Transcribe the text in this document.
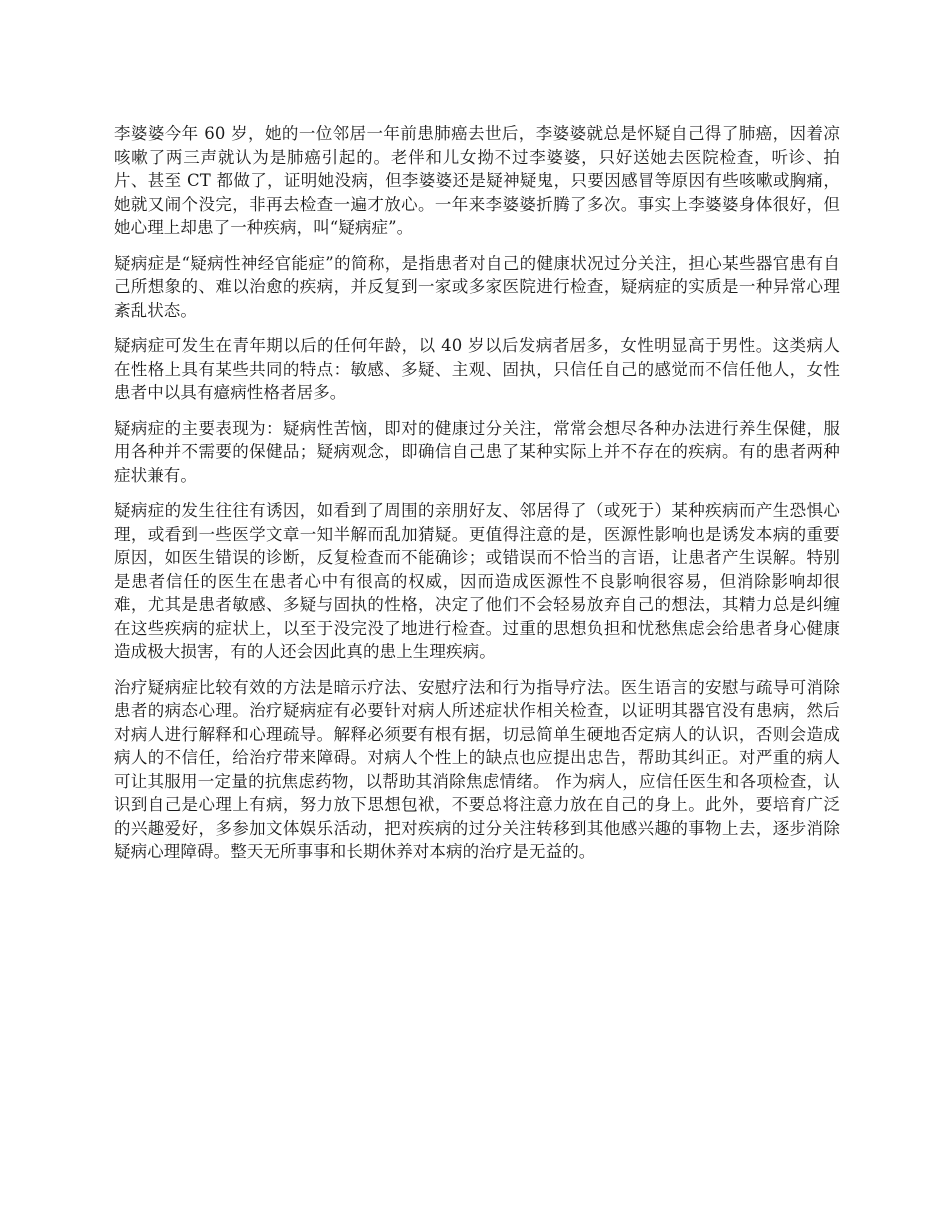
李婆婆今年 60 岁，她的一位邻居一年前患肺癌去世后，李婆婆就总是怀疑自己得了肺癌，因着凉咳嗽了两三声就认为是肺癌引起的。老伴和儿女拗不过李婆婆，只好送她去医院检查，听诊、拍片、甚至 CT 都做了，证明她没病，但李婆婆还是疑神疑鬼，只要因感冒等原因有些咳嗽或胸痛，她就又闹个没完，非再去检查一遍才放心。一年来李婆婆折腾了多次。事实上李婆婆身体很好，但她心理上却患了一种疾病，叫“疑病症”。

疑病症是“疑病性神经官能症”的简称，是指患者对自己的健康状况过分关注，担心某些器官患有自己所想象的、难以治愈的疾病，并反复到一家或多家医院进行检查，疑病症的实质是一种异常心理紊乱状态。

疑病症可发生在青年期以后的任何年龄，以 40 岁以后发病者居多，女性明显高于男性。这类病人在性格上具有某些共同的特点：敏感、多疑、主观、固执，只信任自己的感觉而不信任他人，女性患者中以具有癔病性格者居多。

疑病症的主要表现为：疑病性苦恼，即对的健康过分关注，常常会想尽各种办法进行养生保健，服用各种并不需要的保健品；疑病观念，即确信自己患了某种实际上并不存在的疾病。有的患者两种症状兼有。

疑病症的发生往往有诱因，如看到了周围的亲朋好友、邻居得了（或死于）某种疾病而产生恐惧心理，或看到一些医学文章一知半解而乱加猜疑。更值得注意的是，医源性影响也是诱发本病的重要原因，如医生错误的诊断，反复检查而不能确诊；或错误而不恰当的言语，让患者产生误解。特别是患者信任的医生在患者心中有很高的权威，因而造成医源性不良影响很容易，但消除影响却很难，尤其是患者敏感、多疑与固执的性格，决定了他们不会轻易放弃自己的想法，其精力总是纠缠在这些疾病的症状上，以至于没完没了地进行检查。过重的思想负担和忧愁焦虑会给患者身心健康造成极大损害，有的人还会因此真的患上生理疾病。

治疗疑病症比较有效的方法是暗示疗法、安慰疗法和行为指导疗法。医生语言的安慰与疏导可消除患者的病态心理。治疗疑病症有必要针对病人所述症状作相关检查，以证明其器官没有患病，然后对病人进行解释和心理疏导。解释必须要有根有据，切忌简单生硬地否定病人的认识，否则会造成病人的不信任，给治疗带来障碍。对病人个性上的缺点也应提出忠告，帮助其纠正。对严重的病人可让其服用一定量的抗焦虑药物，以帮助其消除焦虑情绪。 作为病人，应信任医生和各项检查，认识到自己是心理上有病，努力放下思想包袱，不要总将注意力放在自己的身上。此外，要培育广泛的兴趣爱好，多参加文体娱乐活动，把对疾病的过分关注转移到其他感兴趣的事物上去，逐步消除疑病心理障碍。整天无所事事和长期休养对本病的治疗是无益的。
